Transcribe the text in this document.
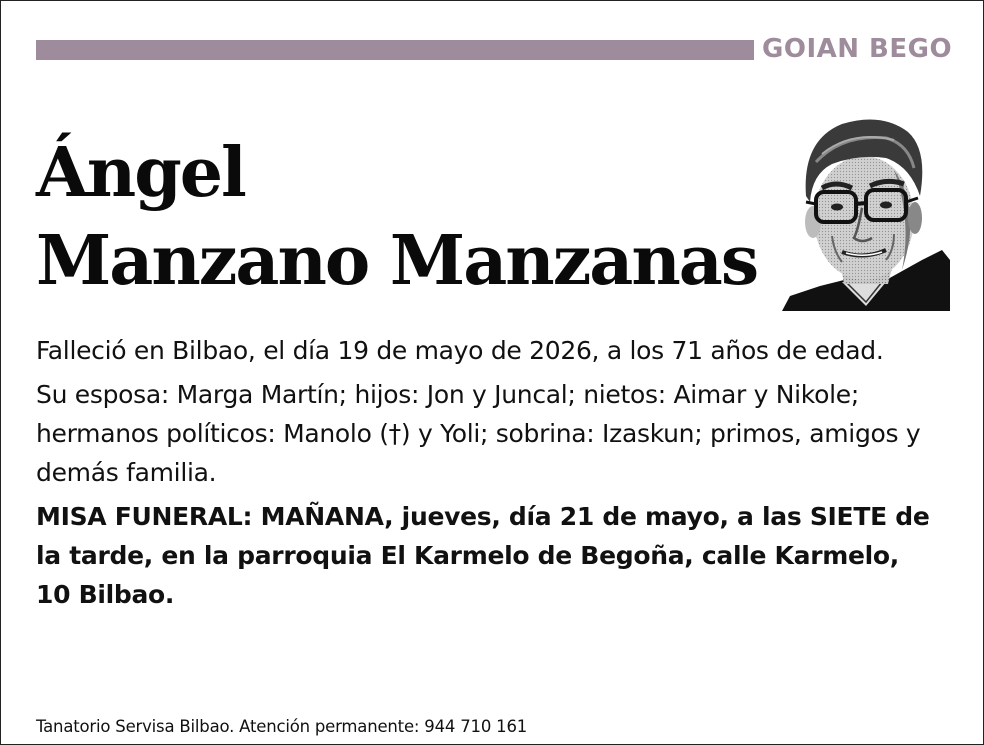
GOIAN BEGO
Ángel
Manzano Manzanas

Falleció en Bilbao, el día 19 de mayo de 2026, a los 71 años de edad.

Su esposa: Marga Martín; hijos: Jon y Juncal; nietos: Aimar y Nikole; hermanos políticos: Manolo (†) y Yoli; sobrina: Izaskun; primos, amigos y demás familia.

MISA FUNERAL: MAÑANA, jueves, día 21 de mayo, a las SIETE de la tarde, en la parroquia El Karmelo de Begoña, calle Karmelo, 10 Bilbao.

Tanatorio Servisa Bilbao. Atención permanente: 944 710 161
